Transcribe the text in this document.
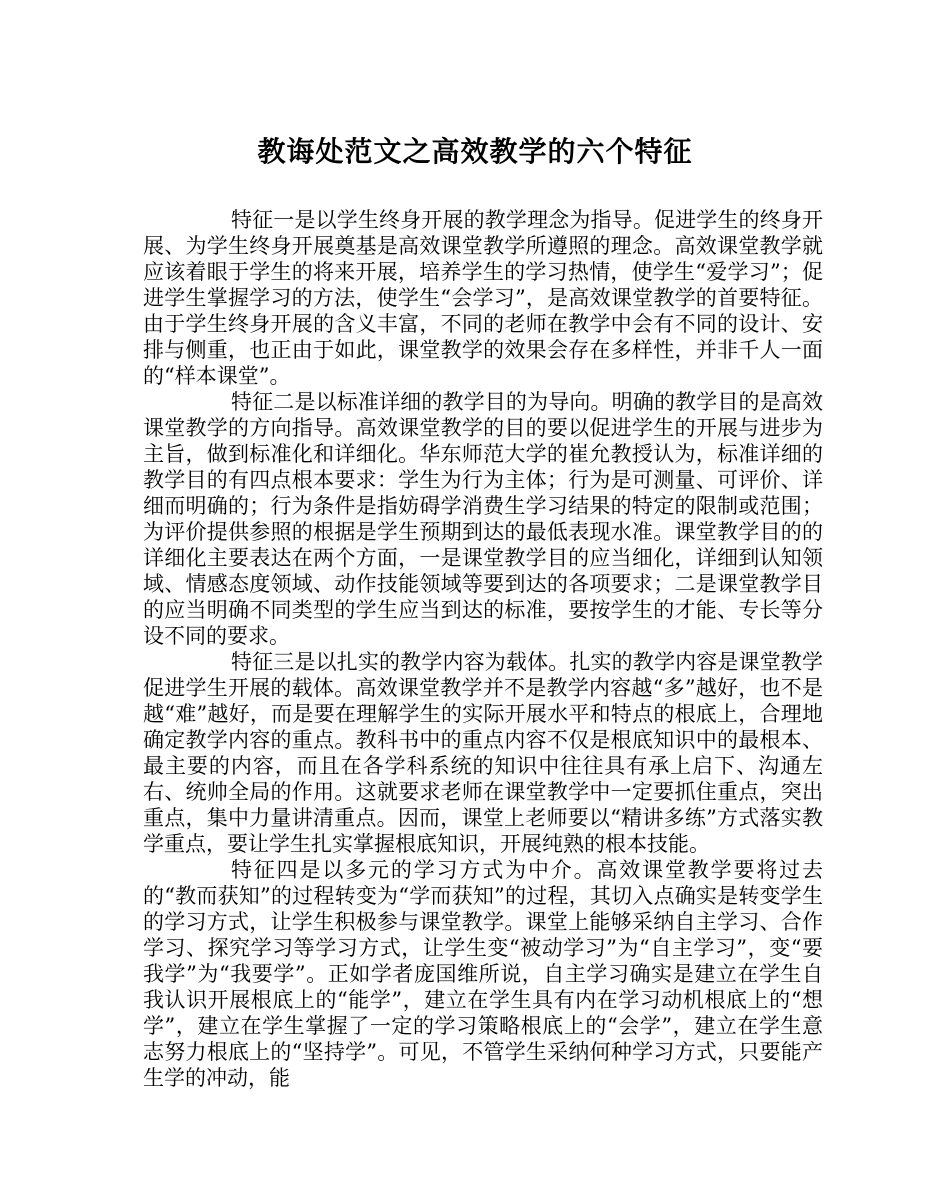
教诲处范文之高效教学的六个特征

特征一是以学生终身开展的教学理念为指导。促进学生的终身开展、为学生终身开展奠基是高效课堂教学所遵照的理念。高效课堂教学就应该着眼于学生的将来开展，培养学生的学习热情，使学生“爱学习”；促进学生掌握学习的方法，使学生“会学习”，是高效课堂教学的首要特征。由于学生终身开展的含义丰富，不同的老师在教学中会有不同的设计、安排与侧重，也正由于如此，课堂教学的效果会存在多样性，并非千人一面的“样本课堂”。

特征二是以标准详细的教学目的为导向。明确的教学目的是高效课堂教学的方向指导。高效课堂教学的目的要以促进学生的开展与进步为主旨，做到标准化和详细化。华东师范大学的崔允教授认为，标准详细的教学目的有四点根本要求：学生为行为主体；行为是可测量、可评价、详细而明确的；行为条件是指妨碍学消费生学习结果的特定的限制或范围；为评价提供参照的根据是学生预期到达的最低表现水准。课堂教学目的的详细化主要表达在两个方面，一是课堂教学目的应当细化，详细到认知领域、情感态度领域、动作技能领域等要到达的各项要求；二是课堂教学目的应当明确不同类型的学生应当到达的标准，要按学生的才能、专长等分设不同的要求。

特征三是以扎实的教学内容为载体。扎实的教学内容是课堂教学促进学生开展的载体。高效课堂教学并不是教学内容越“多”越好，也不是越“难”越好，而是要在理解学生的实际开展水平和特点的根底上，合理地确定教学内容的重点。教科书中的重点内容不仅是根底知识中的最根本、最主要的内容，而且在各学科系统的知识中往往具有承上启下、沟通左右、统帅全局的作用。这就要求老师在课堂教学中一定要抓住重点，突出重点，集中力量讲清重点。因而，课堂上老师要以“精讲多练”方式落实教学重点，要让学生扎实掌握根底知识，开展纯熟的根本技能。

特征四是以多元的学习方式为中介。高效课堂教学要将过去的“教而获知”的过程转变为“学而获知”的过程，其切入点确实是转变学生的学习方式，让学生积极参与课堂教学。课堂上能够采纳自主学习、合作学习、探究学习等学习方式，让学生变“被动学习”为“自主学习”，变“要我学”为“我要学”。正如学者庞国维所说，自主学习确实是建立在学生自我认识开展根底上的“能学”，建立在学生具有内在学习动机根底上的“想学”，建立在学生掌握了一定的学习策略根底上的“会学”，建立在学生意志努力根底上的“坚持学”。可见，不管学生采纳何种学习方式，只要能产生学的冲动，能
